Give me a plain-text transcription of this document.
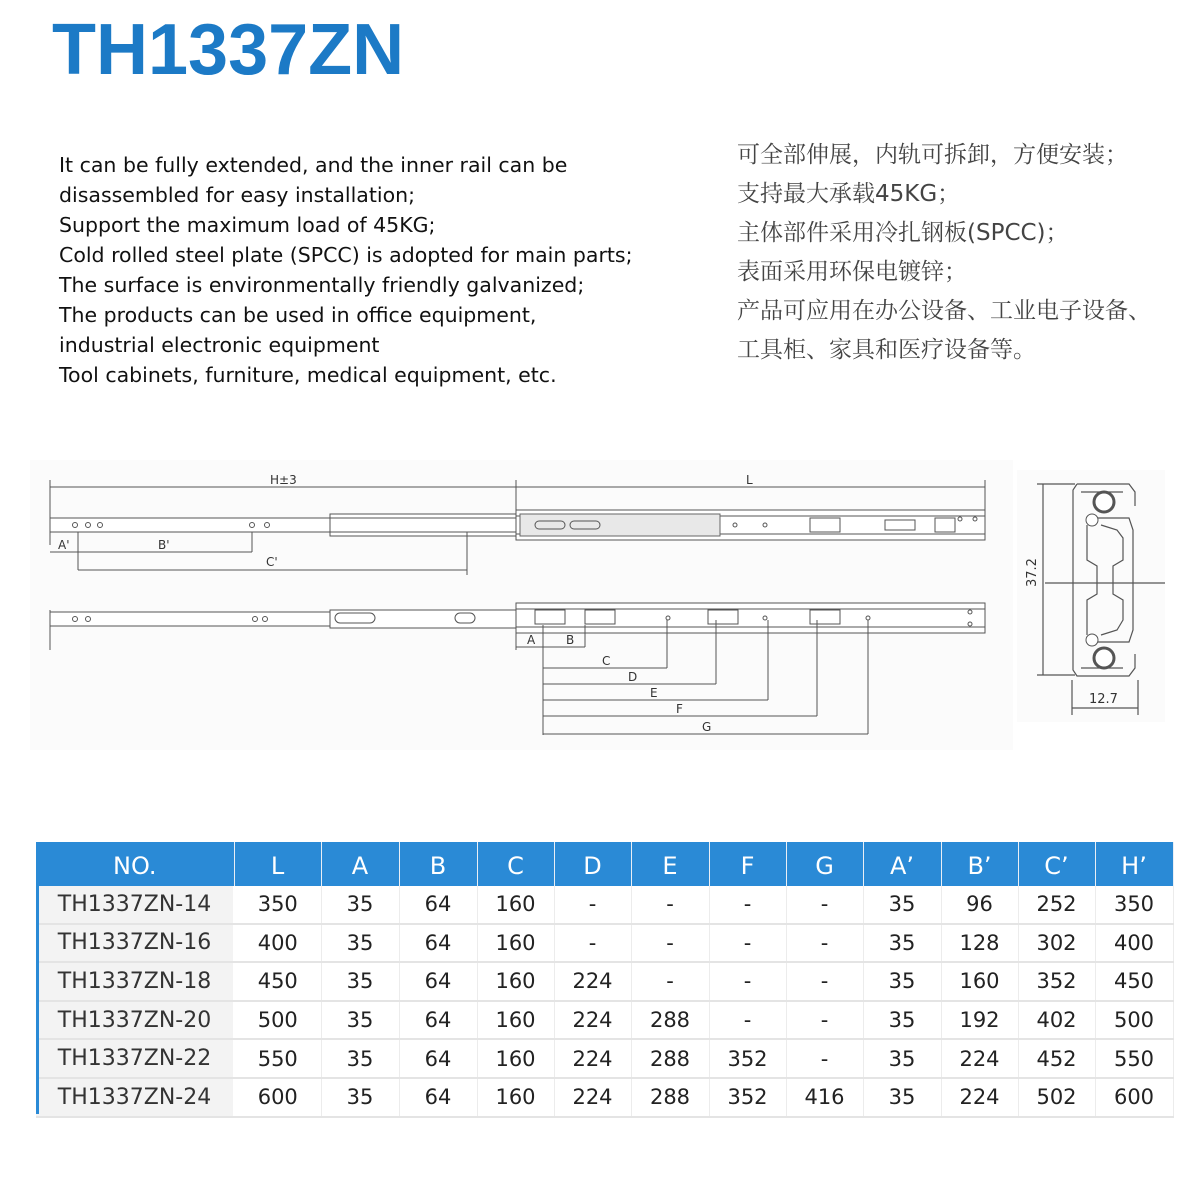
TH1337ZN
It can be fully extended, and the inner rail can be
disassembled for easy installation;
Support the maximum load of 45KG;
Cold rolled steel plate (SPCC) is adopted for main parts;
The surface is environmentally friendly galvanized;
The products can be used in office equipment,
industrial electronic equipment
Tool cabinets, furniture, medical equipment, etc.
可全部伸展，内轨可拆卸，方便安装；
支持最大承载45KG；
主体部件采用冷扎钢板(SPCC)；
表面采用环保电镀锌；
产品可应用在办公设备、工业电子设备、
工具柜、家具和医疗设备等。
H±3	L
A'	B'
C'
A	B
C
D
E
F
G
37.2
12.7
NO.	L	A	B	C	D	E	F	G	A’	B’	C’	H’
TH1337ZN-14	350	35	64	160	-	-	-	-	35	96	252	350
TH1337ZN-16	400	35	64	160	-	-	-	-	35	128	302	400
TH1337ZN-18	450	35	64	160	224	-	-	-	35	160	352	450
TH1337ZN-20	500	35	64	160	224	288	-	-	35	192	402	500
TH1337ZN-22	550	35	64	160	224	288	352	-	35	224	452	550
TH1337ZN-24	600	35	64	160	224	288	352	416	35	224	502	600
